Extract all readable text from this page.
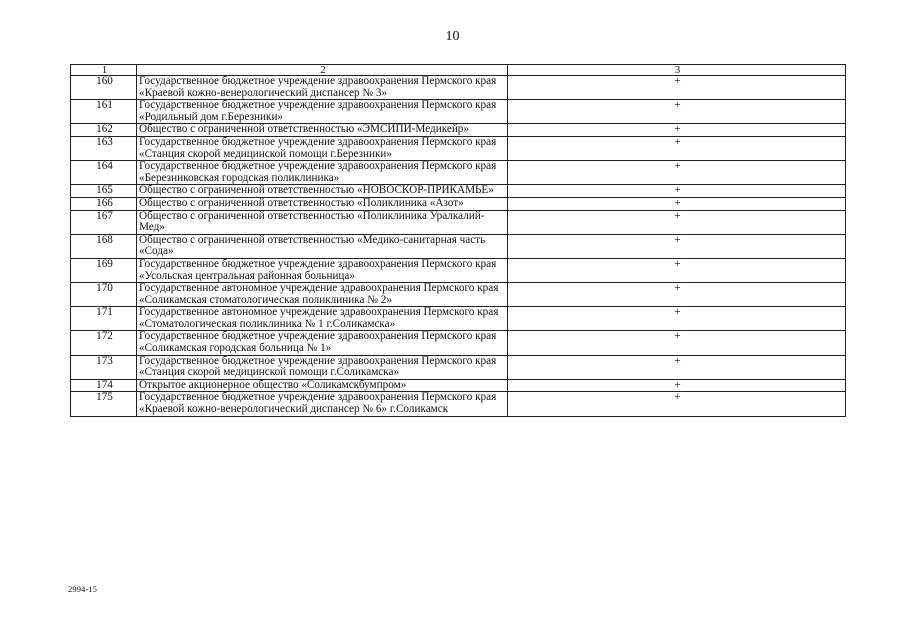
10
1	2	3
160	Государственное бюджетное учреждение здравоохранения Пермского края «Краевой кожно-венерологический диспансер № 3»	+
161	Государственное бюджетное учреждение здравоохранения Пермского края «Родильный дом г.Березники»	+
162	Общество с ограниченной ответственностью «ЭМСИПИ-Медикейр»	+
163	Государственное бюджетное учреждение здравоохранения Пермского края «Станция скорой медицинской помощи г.Березники»	+
164	Государственное бюджетное учреждение здравоохранения Пермского края «Березниковская городская поликлиника»	+
165	Общество с ограниченной ответственностью «НОВОСКОР-ПРИКАМЬЕ»	+
166	Общество с ограниченной ответственностью «Поликлиника «Азот»	+
167	Общество с ограниченной ответственностью «Поликлиника Уралкалий-Мед»	+
168	Общество с ограниченной ответственностью «Медико-санитарная часть «Сода»	+
169	Государственное бюджетное учреждение здравоохранения Пермского края «Усольская центральная районная больница»	+
170	Государственное автономное учреждение здравоохранения Пермского края «Соликамская стоматологическая поликлиника № 2»	+
171	Государственное автономное учреждение здравоохранения Пермского края «Стоматологическая поликлиника № 1 г.Соликамска»	+
172	Государственное бюджетное учреждение здравоохранения Пермского края «Соликамская городская больница № 1»	+
173	Государственное бюджетное учреждение здравоохранения Пермского края «Станция скорой медицинской помощи г.Соликамска»	+
174	Открытое акционерное общество «Соликамскбумпром»	+
175	Государственное бюджетное учреждение здравоохранения Пермского края «Краевой кожно-венерологический диспансер № 6» г.Соликамск	+
2994-15
